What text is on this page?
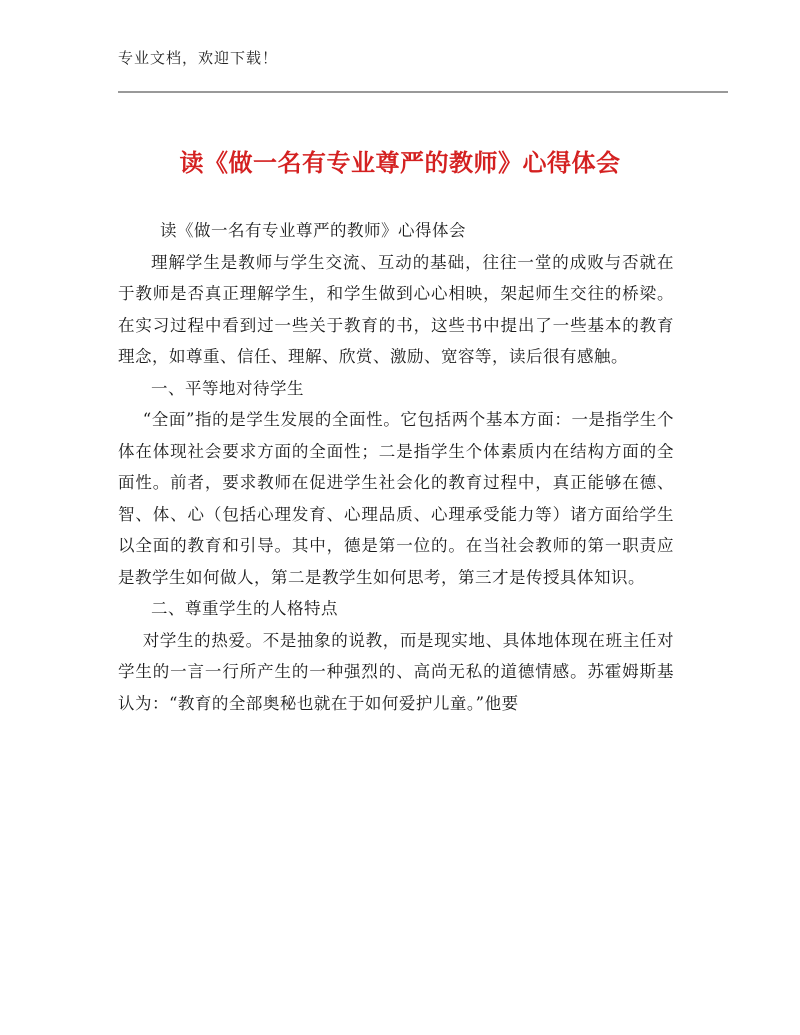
专业文档，欢迎下载！
读《做一名有专业尊严的教师》心得体会

读《做一名有专业尊严的教师》心得体会

理解学生是教师与学生交流、互动的基础，往往一堂的成败与否就在于教师是否真正理解学生，和学生做到心心相映，架起师生交往的桥梁。在实习过程中看到过一些关于教育的书，这些书中提出了一些基本的教育理念，如尊重、信任、理解、欣赏、激励、宽容等，读后很有感触。

一、平等地对待学生

“全面”指的是学生发展的全面性。它包括两个基本方面：一是指学生个体在体现社会要求方面的全面性；二是指学生个体素质内在结构方面的全面性。前者，要求教师在促进学生社会化的教育过程中，真正能够在德、智、体、心（包括心理发育、心理品质、心理承受能力等）诸方面给学生以全面的教育和引导。其中，德是第一位的。在当社会教师的第一职责应是教学生如何做人，第二是教学生如何思考，第三才是传授具体知识。

二、尊重学生的人格特点

对学生的热爱。不是抽象的说教，而是现实地、具体地体现在班主任对学生的一言一行所产生的一种强烈的、高尚无私的道德情感。苏霍姆斯基认为：“教育的全部奥秘也就在于如何爱护儿童。”他要
